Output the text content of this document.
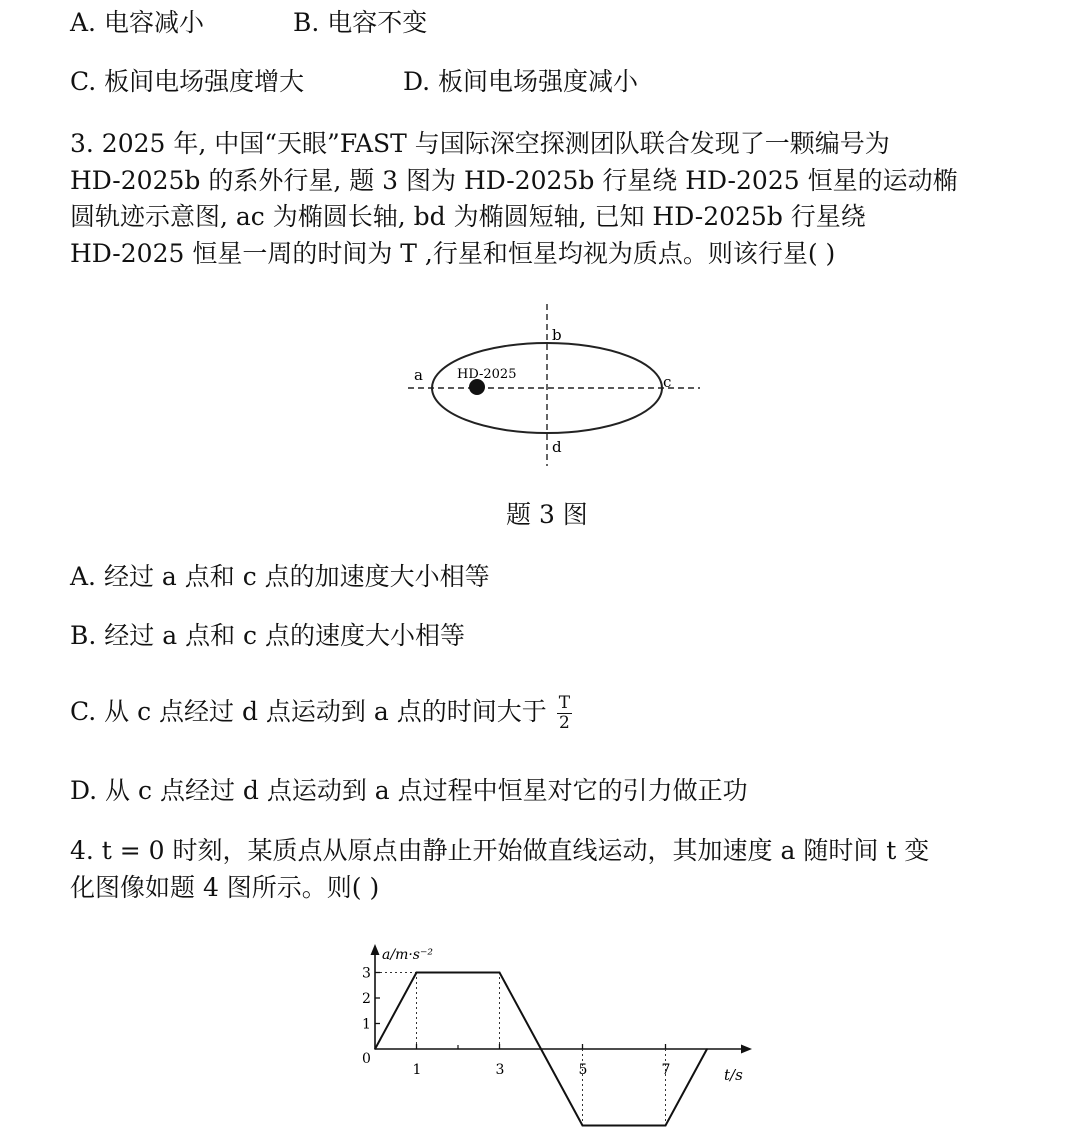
A. 电容减小	B. 电容不变
C. 板间电场强度增大	D. 板间电场强度减小
3. 2025 年, 中国“天眼”FAST 与国际深空探测团队联合发现了一颗编号为
HD-2025b 的系外行星, 题 3 图为 HD-2025b 行星绕 HD-2025 恒星的运动椭
圆轨迹示意图, ac 为椭圆长轴, bd 为椭圆短轴, 已知 HD-2025b 行星绕
HD-2025 恒星一周的时间为 T ,行星和恒星均视为质点。则该行星( )
HD-2025
a
b
c
d
题 3 图
A. 经过 a 点和 c 点的加速度大小相等
B. 经过 a 点和 c 点的速度大小相等
C. 从 c 点经过 d 点运动到 a 点的时间大于 $\frac{T}{2}$
D. 从 c 点经过 d 点运动到 a 点过程中恒星对它的引力做正功
4. t = 0 时刻，某质点从原点由静止开始做直线运动，其加速度 a 随时间 t 变
化图像如题 4 图所示。则( )
a/m·s⁻²
t/s
0
1
2
3
1	3	5	7
